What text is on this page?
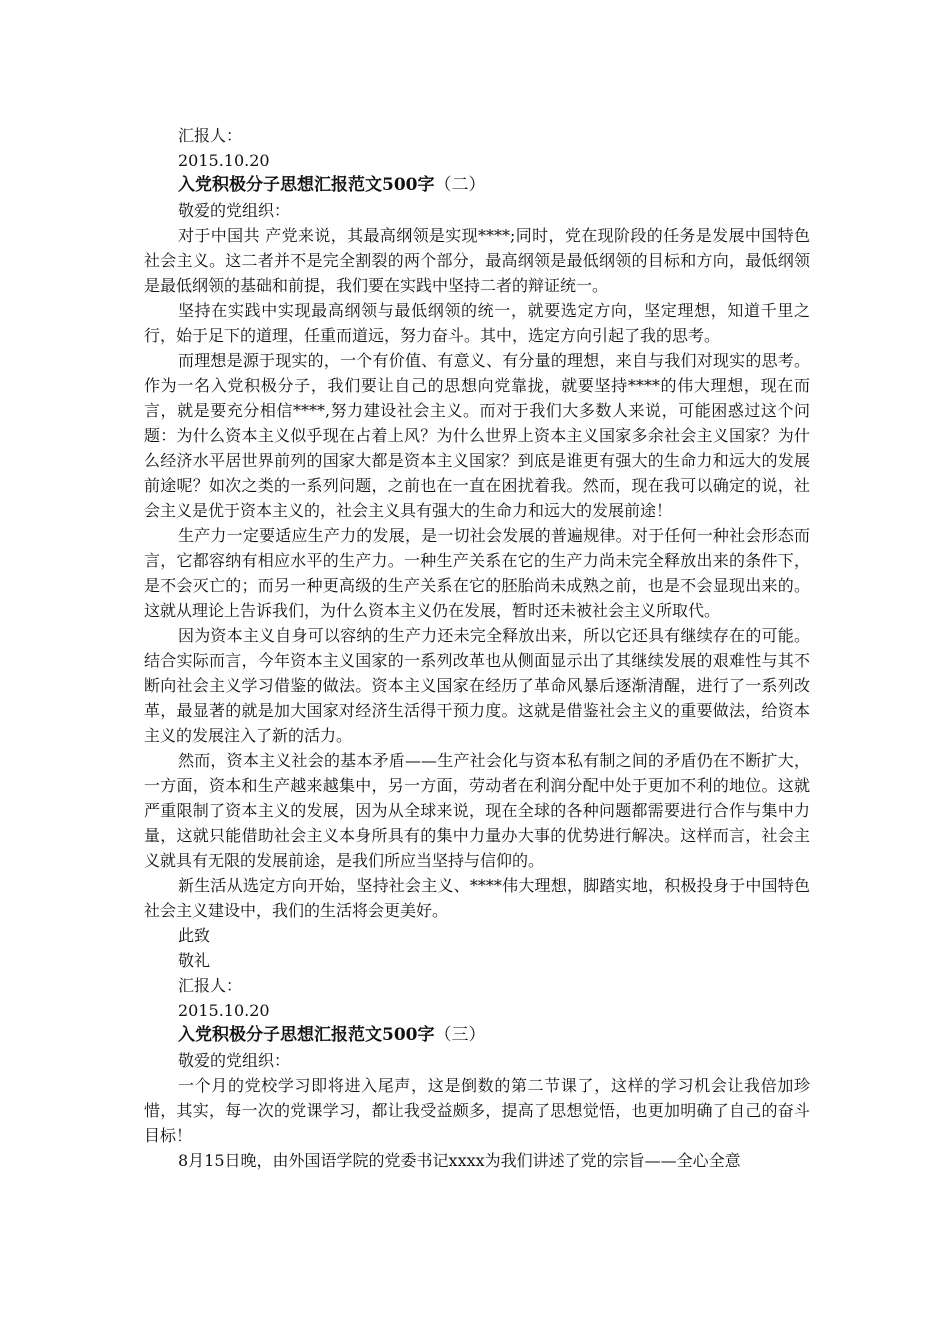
汇报人：
2015.10.20
入党积极分子思想汇报范文500字（二）
敬爱的党组织：

对于中国共 产党来说，其最高纲领是实现****;同时，党在现阶段的任务是发展中国特色社会主义。这二者并不是完全割裂的两个部分，最高纲领是最低纲领的目标和方向，最低纲领是最低纲领的基础和前提，我们要在实践中坚持二者的辩证统一。

坚持在实践中实现最高纲领与最低纲领的统一，就要选定方向，坚定理想，知道千里之行，始于足下的道理，任重而道远，努力奋斗。其中，选定方向引起了我的思考。

而理想是源于现实的，一个有价值、有意义、有分量的理想，来自与我们对现实的思考。作为一名入党积极分子，我们要让自己的思想向党靠拢，就要坚持****的伟大理想，现在而言，就是要充分相信****,努力建设社会主义。而对于我们大多数人来说，可能困惑过这个问题：为什么资本主义似乎现在占着上风？为什么世界上资本主义国家多余社会主义国家？为什么经济水平居世界前列的国家大都是资本主义国家？到底是谁更有强大的生命力和远大的发展前途呢？如次之类的一系列问题，之前也在一直在困扰着我。然而，现在我可以确定的说，社会主义是优于资本主义的，社会主义具有强大的生命力和远大的发展前途！

生产力一定要适应生产力的发展，是一切社会发展的普遍规律。对于任何一种社会形态而言，它都容纳有相应水平的生产力。一种生产关系在它的生产力尚未完全释放出来的条件下，是不会灭亡的；而另一种更高级的生产关系在它的胚胎尚未成熟之前，也是不会显现出来的。这就从理论上告诉我们，为什么资本主义仍在发展，暂时还未被社会主义所取代。

因为资本主义自身可以容纳的生产力还未完全释放出来，所以它还具有继续存在的可能。结合实际而言，今年资本主义国家的一系列改革也从侧面显示出了其继续发展的艰难性与其不断向社会主义学习借鉴的做法。资本主义国家在经历了革命风暴后逐渐清醒，进行了一系列改革，最显著的就是加大国家对经济生活得干预力度。这就是借鉴社会主义的重要做法，给资本主义的发展注入了新的活力。

然而，资本主义社会的基本矛盾——生产社会化与资本私有制之间的矛盾仍在不断扩大，一方面，资本和生产越来越集中，另一方面，劳动者在利润分配中处于更加不利的地位。这就严重限制了资本主义的发展，因为从全球来说，现在全球的各种问题都需要进行合作与集中力量，这就只能借助社会主义本身所具有的集中力量办大事的优势进行解决。这样而言，社会主义就具有无限的发展前途，是我们所应当坚持与信仰的。

新生活从选定方向开始，坚持社会主义、****伟大理想，脚踏实地，积极投身于中国特色社会主义建设中，我们的生活将会更美好。

此致
敬礼
汇报人：
2015.10.20
入党积极分子思想汇报范文500字（三）
敬爱的党组织：

一个月的党校学习即将进入尾声，这是倒数的第二节课了，这样的学习机会让我倍加珍惜，其实，每一次的党课学习，都让我受益颇多，提高了思想觉悟，也更加明确了自己的奋斗目标！

8月15日晚，由外国语学院的党委书记xxxx为我们讲述了党的宗旨——全心全意
